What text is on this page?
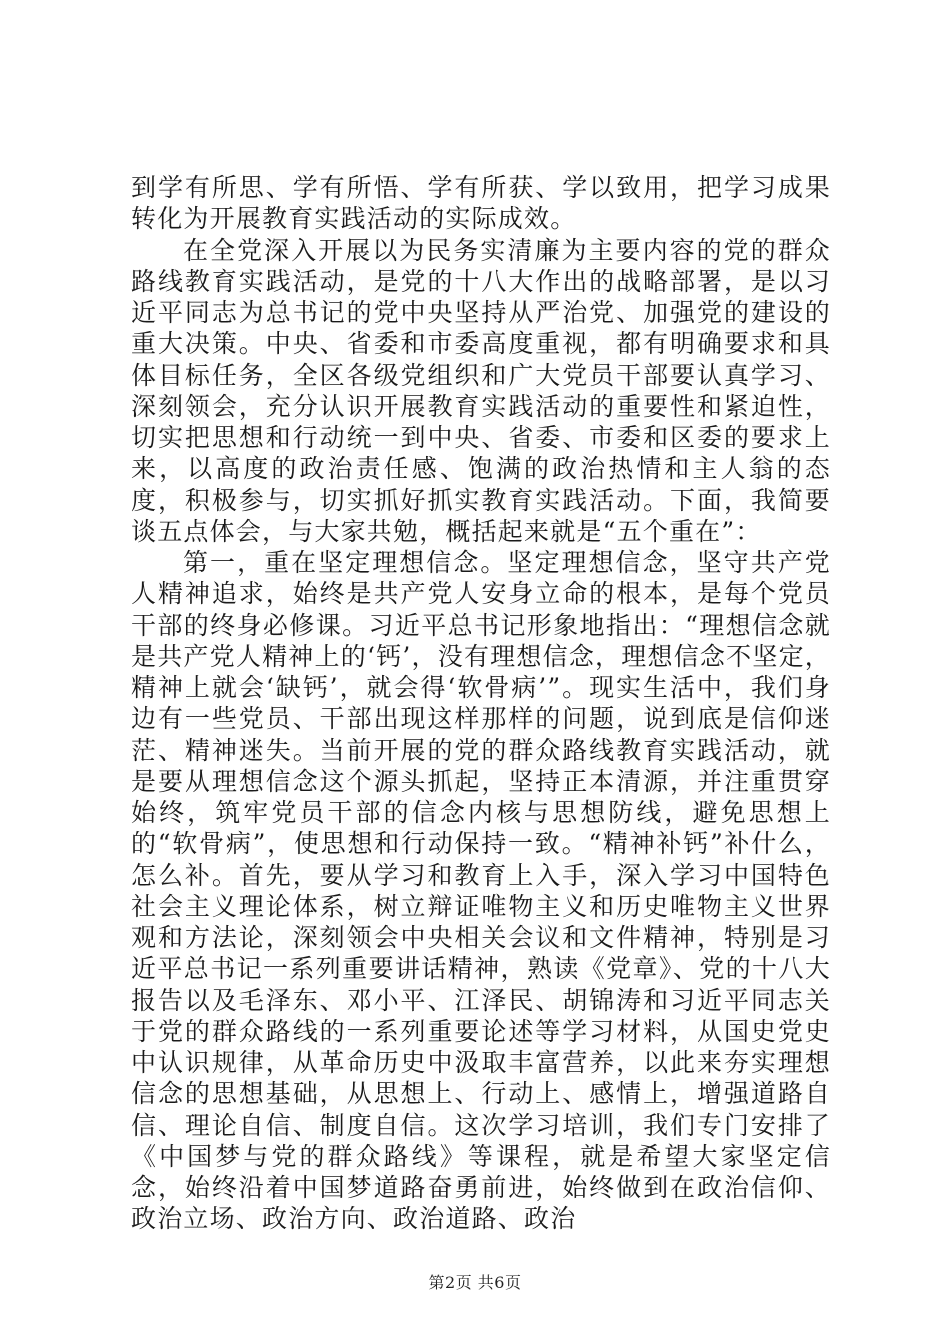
到学有所思、学有所悟、学有所获、学以致用，把学习成果转化为开展教育实践活动的实际成效。

在全党深入开展以为民务实清廉为主要内容的党的群众路线教育实践活动，是党的十八大作出的战略部署，是以习近平同志为总书记的党中央坚持从严治党、加强党的建设的重大决策。中央、省委和市委高度重视，都有明确要求和具体目标任务，全区各级党组织和广大党员干部要认真学习、深刻领会，充分认识开展教育实践活动的重要性和紧迫性，切实把思想和行动统一到中央、省委、市委和区委的要求上来，以高度的政治责任感、饱满的政治热情和主人翁的态度，积极参与，切实抓好抓实教育实践活动。下面，我简要谈五点体会，与大家共勉，概括起来就是“五个重在”：

第一，重在坚定理想信念。坚定理想信念，坚守共产党人精神追求，始终是共产党人安身立命的根本，是每个党员干部的终身必修课。习近平总书记形象地指出：“理想信念就是共产党人精神上的‘钙’，没有理想信念，理想信念不坚定，精神上就会‘缺钙’，就会得‘软骨病’”。现实生活中，我们身边有一些党员、干部出现这样那样的问题，说到底是信仰迷茫、精神迷失。当前开展的党的群众路线教育实践活动，就是要从理想信念这个源头抓起，坚持正本清源，并注重贯穿始终，筑牢党员干部的信念内核与思想防线，避免思想上的“软骨病”，使思想和行动保持一致。“精神补钙”补什么，怎么补。首先，要从学习和教育上入手，深入学习中国特色社会主义理论体系，树立辩证唯物主义和历史唯物主义世界观和方法论，深刻领会中央相关会议和文件精神，特别是习近平总书记一系列重要讲话精神，熟读《党章》、党的十八大报告以及毛泽东、邓小平、江泽民、胡锦涛和习近平同志关于党的群众路线的一系列重要论述等学习材料，从国史党史中认识规律，从革命历史中汲取丰富营养，以此来夯实理想信念的思想基础，从思想上、行动上、感情上，增强道路自信、理论自信、制度自信。这次学习培训，我们专门安排了《中国梦与党的群众路线》等课程，就是希望大家坚定信念，始终沿着中国梦道路奋勇前进，始终做到在政治信仰、政治立场、政治方向、政治道路、政治

第2页 共6页
